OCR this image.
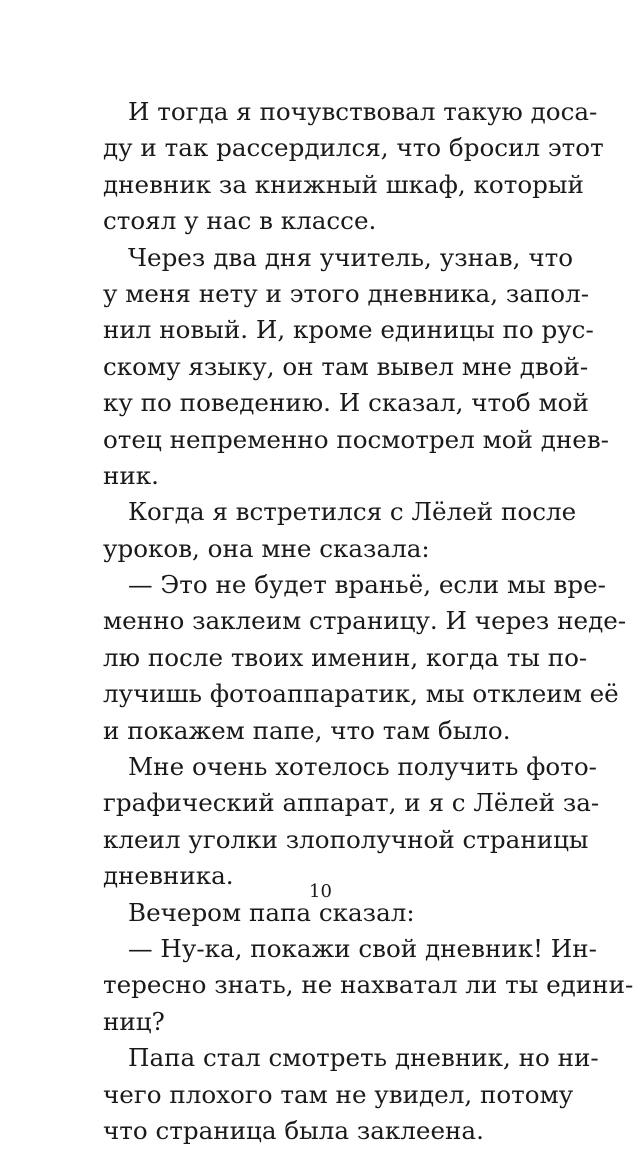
И тогда я почувствовал такую доса-
ду и так рассердился, что бросил этот
дневник за книжный шкаф, который
стоял у нас в классе.
Через два дня учитель, узнав, что
у меня нету и этого дневника, запол-
нил новый. И, кроме единицы по рус-
скому языку, он там вывел мне двой-
ку по поведению. И сказал, чтоб мой
отец непременно посмотрел мой днев-
ник.
Когда я встретился с Лёлей после
уроков, она мне сказала:
— Это не будет враньё, если мы вре-
менно заклеим страницу. И через неде-
лю после твоих именин, когда ты по-
лучишь фотоаппаратик, мы отклеим её
и покажем папе, что там было.
Мне очень хотелось получить фото-
графический аппарат, и я с Лёлей за-
клеил уголки злополучной страницы
дневника.
Вечером папа сказал:
— Ну-ка, покажи свой дневник! Ин-
тересно знать, не нахватал ли ты едини-
ниц?
Папа стал смотреть дневник, но ни-
чего плохого там не увидел, потому
что страница была заклеена.
10
